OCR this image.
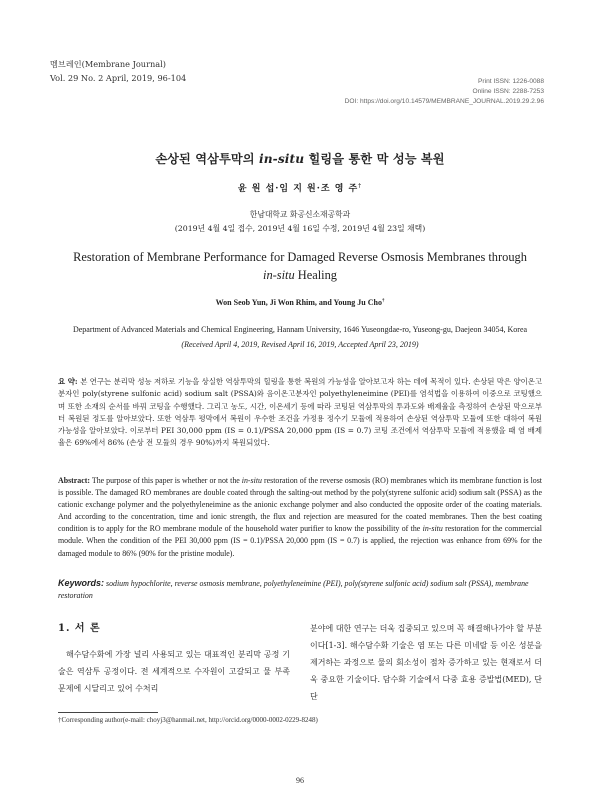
멤브레인(Membrane Journal)
Vol. 29 No. 2 April, 2019, 96-104	Print ISSN: 1226-0088
Online ISSN: 2288-7253
DOI: https://doi.org/10.14579/MEMBRANE_JOURNAL.2019.29.2.96
손상된 역삼투막의 in-situ 힐링을 통한 막 성능 복원
윤 원 섭·임 지 원·조 영 주†
한남대학교 화공신소재공학과
(2019년 4월 4일 접수, 2019년 4월 16일 수정, 2019년 4월 23일 채택)
Restoration of Membrane Performance for Damaged Reverse Osmosis Membranes through
in-situ Healing
Won Seob Yun, Ji Won Rhim, and Young Ju Cho†
Department of Advanced Materials and Chemical Engineering, Hannam University, 1646 Yuseongdae-ro, Yuseong-gu, Daejeon 34054, Korea
(Received April 4, 2019, Revised April 16, 2019, Accepted April 23, 2019)
요 약: 본 연구는 분리막 성능 저하로 기능을 상실한 역삼투막의 힐링을 통한 복원의 가능성을 알아보고자 하는 데에 목적이 있다. 손상된 막은 양이온고분자인 poly(styrene sulfonic acid) sodium salt (PSSA)와 음이온고분자인 polyethyleneimine (PEI)를 염석법을 이용하여 이중으로 코팅했으며 또한 소재의 순서를 바꿔 코팅을 수행했다. 그리고 농도, 시간, 이온세기 등에 따라 코팅된 역삼투막의 투과도와 배제율을 측정하여 손상된 막으로부터 복원된 정도를 알아보았다. 또한 역삼투 평막에서 복원이 우수한 조건을 가정용 정수기 모듈에 적용하여 손상된 역삼투막 모듈에 또한 대하여 복원 가능성을 알아보았다. 이로부터 PEI 30,000 ppm (IS = 0.1)/PSSA 20,000 ppm (IS = 0.7) 코팅 조건에서 역삼투막 모듈에 적용했을 때 염 배제율은 69%에서 86% (손상 전 모듈의 경우 90%)까지 복원되었다.
Abstract: The purpose of this paper is whether or not the in-situ restoration of the reverse osmosis (RO) membranes which its membrane function is lost is possible. The damaged RO membranes are double coated through the salting-out method by the poly(styrene sulfonic acid) sodium salt (PSSA) as the cationic exchange polymer and the polyethyleneimine as the anionic exchange polymer and also conducted the opposite order of the coating materials. And according to the concentration, time and ionic strength, the flux and rejection are measured for the coated membranes. Then the best coating condition is to apply for the RO membrane module of the household water purifier to know the possibility of the in-situ restoration for the commercial module. When the condition of the PEI 30,000 ppm (IS = 0.1)/PSSA 20,000 ppm (IS = 0.7) is applied, the rejection was enhance from 69% for the damaged module to 86% (90% for the pristine module).
Keywords: sodium hypochlorite, reverse osmosis membrane, polyethyleneimine (PEI), poly(styrene sulfonic acid) sodium salt (PSSA), membrane restoration
1. 서 론

해수담수화에 가장 널리 사용되고 있는 대표적인 분리막 공정 기술은 역삼투 공정이다. 전 세계적으로 수자원이 고갈되고 물 부족 문제에 시달리고 있어 수처리

분야에 대한 연구는 더욱 집중되고 있으며 꼭 해결해나가야 할 부분이다[1-3]. 해수담수화 기술은 염 또는 다른 미네랄 등 이온 성분을 제거하는 과정으로 물의 회소성이 점차 증가하고 있는 현재로서 더욱 중요한 기술이다. 담수화 기술에서 다중 효용 증발법(MED), 단단

†Corresponding author(e-mail: choyj3@hanmail.net, http://orcid.org/0000-0002-0229-8248)
96
